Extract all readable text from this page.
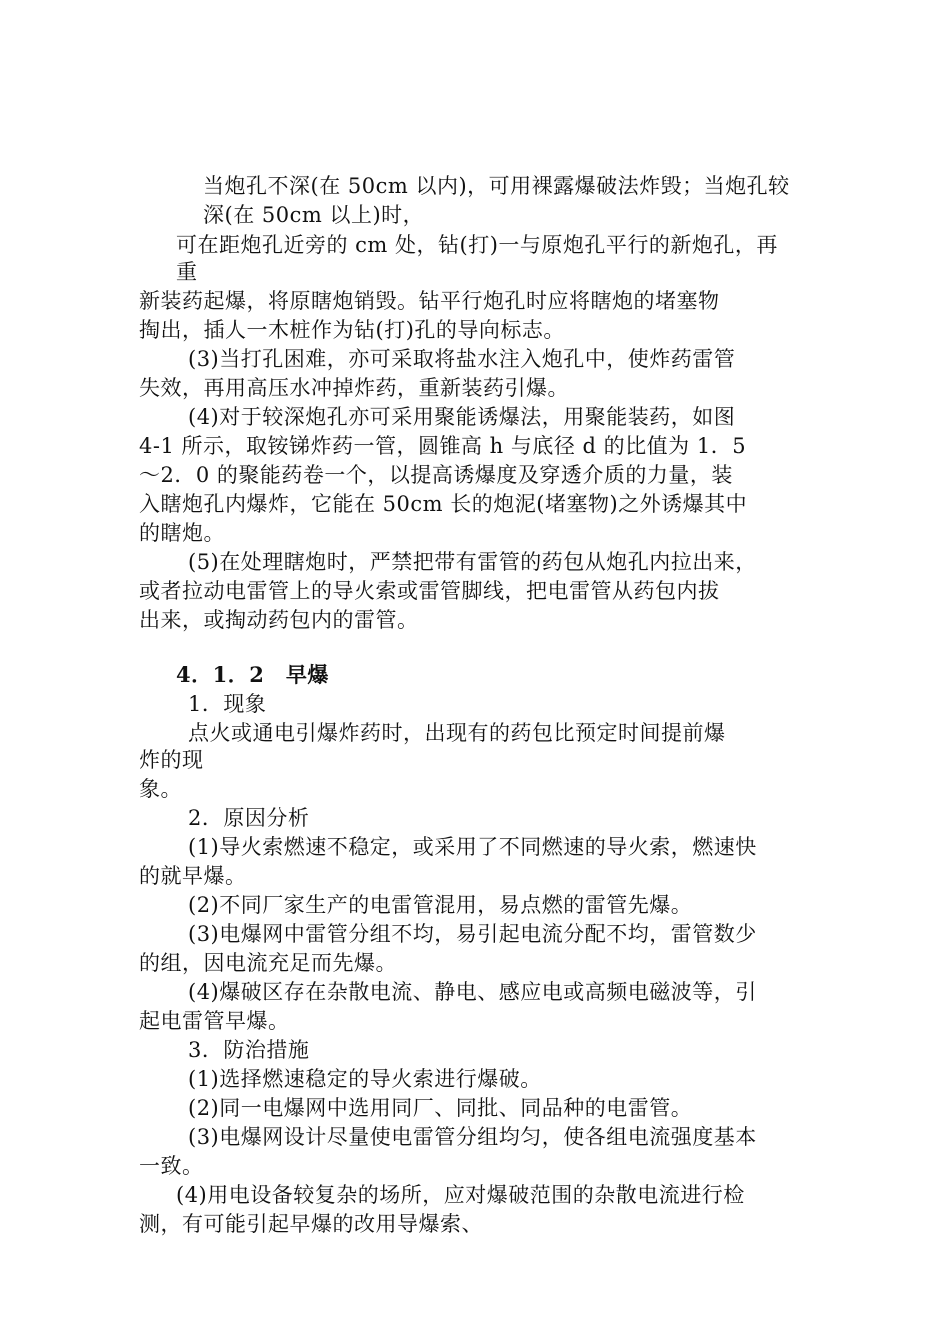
当炮孔不深(在 50cm 以内)，可用裸露爆破法炸毁；当炮孔较
深(在 50cm 以上)时，
可在距炮孔近旁的 cm 处，钻(打)一与原炮孔平行的新炮孔，再
重
新装药起爆，将原瞎炮销毁。钻平行炮孔时应将瞎炮的堵塞物
掏出，插人一木桩作为钻(打)孔的导向标志。
(3)当打孔困难，亦可采取将盐水注入炮孔中，使炸药雷管
失效，再用高压水冲掉炸药，重新装药引爆。
(4)对于较深炮孔亦可采用聚能诱爆法，用聚能装药，如图
4-1 所示，取铵锑炸药一管，圆锥高 h 与底径 d 的比值为 1．5
～2．0 的聚能药卷一个，以提高诱爆度及穿透介质的力量，装
入瞎炮孔内爆炸，它能在 50cm 长的炮泥(堵塞物)之外诱爆其中
的瞎炮。
(5)在处理瞎炮时，严禁把带有雷管的药包从炮孔内拉出来，
或者拉动电雷管上的导火索或雷管脚线，把电雷管从药包内拔
出来，或掏动药包内的雷管。
4．1．2　早爆
1．现象
点火或通电引爆炸药时，出现有的药包比预定时间提前爆
炸的现
象。
2．原因分析
(1)导火索燃速不稳定，或采用了不同燃速的导火索，燃速快
的就早爆。
(2)不同厂家生产的电雷管混用，易点燃的雷管先爆。
(3)电爆网中雷管分组不均，易引起电流分配不均，雷管数少
的组，因电流充足而先爆。
(4)爆破区存在杂散电流、静电、感应电或高频电磁波等，引
起电雷管早爆。
3．防治措施
(1)选择燃速稳定的导火索进行爆破。
(2)同一电爆网中选用同厂、同批、同品种的电雷管。
(3)电爆网设计尽量使电雷管分组均匀，使各组电流强度基本
一致。
(4)用电设备较复杂的场所，应对爆破范围的杂散电流进行检
测，有可能引起早爆的改用导爆索、
